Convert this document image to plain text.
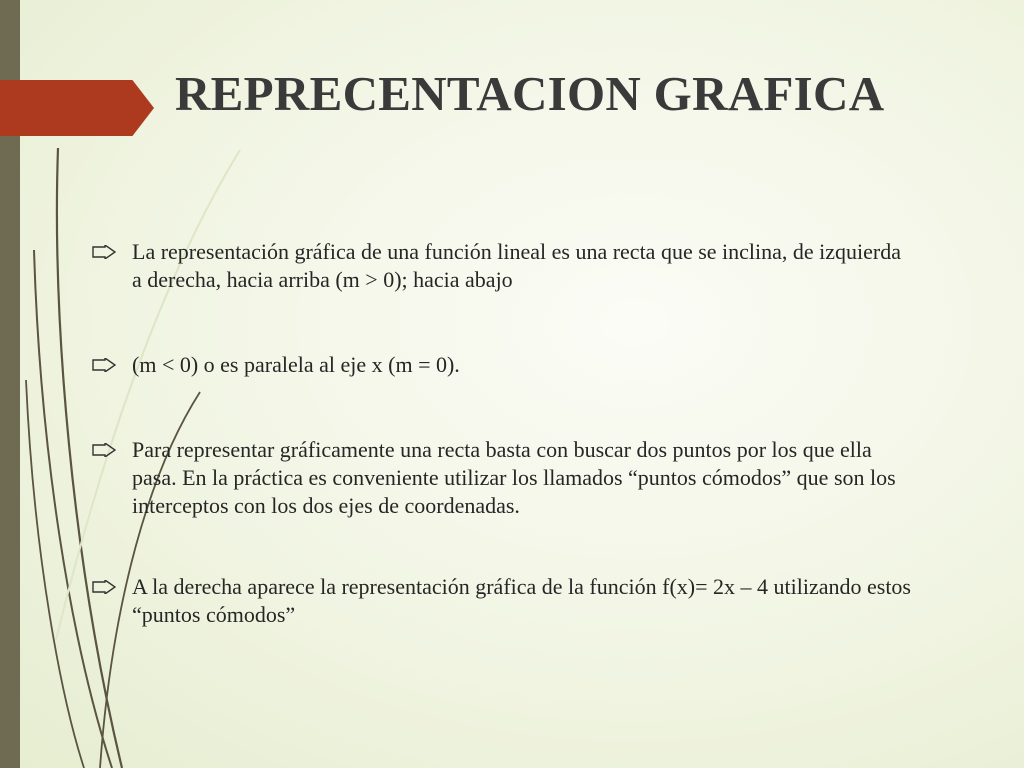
REPRECENTACION GRAFICA
La representación gráfica de una función lineal es una recta que se inclina, de izquierda a derecha, hacia arriba (m > 0); hacia abajo
(m < 0) o es paralela al eje x (m = 0).
Para representar gráficamente una recta basta con buscar dos puntos por los que ella pasa. En la práctica es conveniente utilizar los llamados “puntos cómodos” que son los interceptos con los dos ejes de coordenadas.
A la derecha aparece la representación gráfica de la función f(x)= 2x – 4 utilizando estos “puntos cómodos”
